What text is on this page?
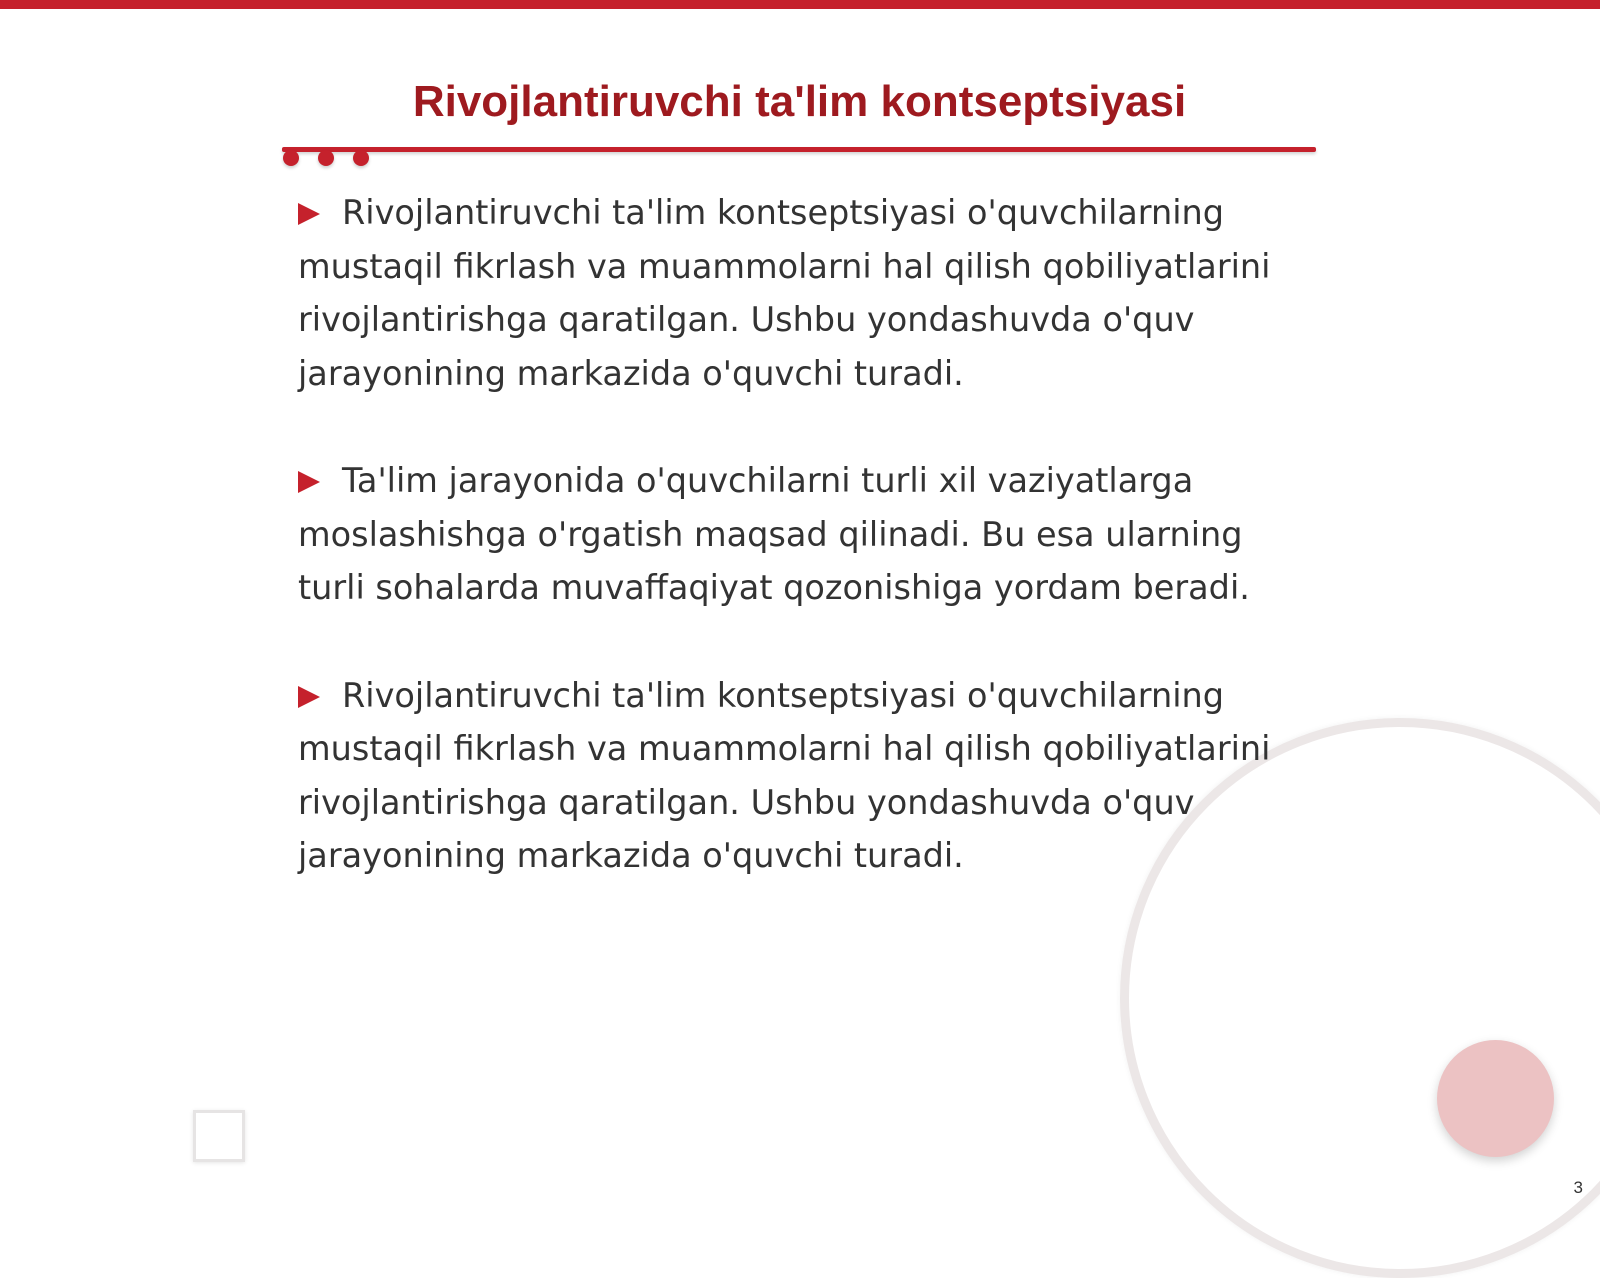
Rivojlantiruvchi ta'lim kontseptsiyasi

Rivojlantiruvchi ta'lim kontseptsiyasi o'quvchilarning mustaqil fikrlash va muammolarni hal qilish qobiliyatlarini rivojlantirishga qaratilgan. Ushbu yondashuvda o'quv jarayonining markazida o'quvchi turadi.

Ta'lim jarayonida o'quvchilarni turli xil vaziyatlarga moslashishga o'rgatish maqsad qilinadi. Bu esa ularning turli sohalarda muvaffaqiyat qozonishiga yordam beradi.

Rivojlantiruvchi ta'lim kontseptsiyasi o'quvchilarning mustaqil fikrlash va muammolarni hal qilish qobiliyatlarini rivojlantirishga qaratilgan. Ushbu yondashuvda o'quv jarayonining markazida o'quvchi turadi.

3
